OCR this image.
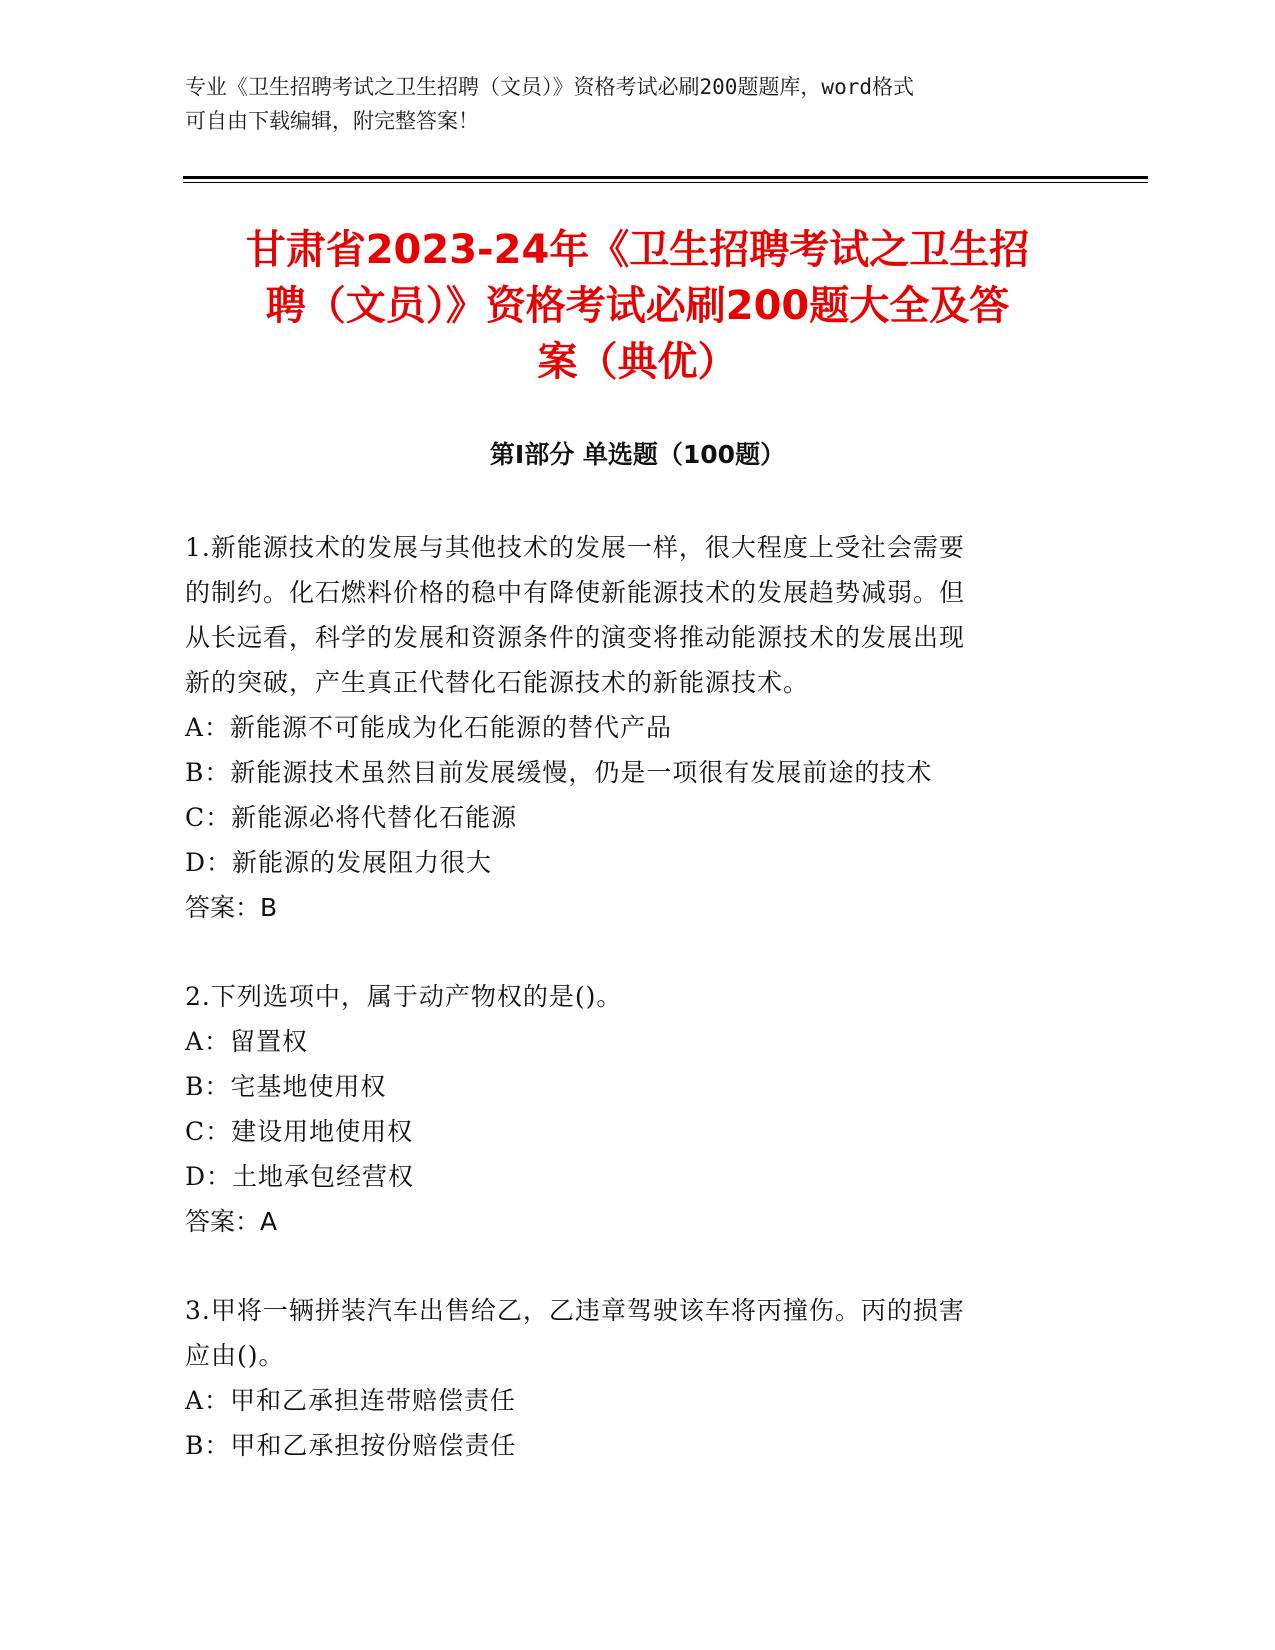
专业《卫生招聘考试之卫生招聘（文员）》资格考试必刷200题题库，word格式
可自由下载编辑，附完整答案！
甘肃省2023-24年《卫生招聘考试之卫生招
聘（文员）》资格考试必刷200题大全及答
案（典优）
第Ⅰ部分 单选题（100题）

1.新能源技术的发展与其他技术的发展一样，很大程度上受社会需要

的制约。化石燃料价格的稳中有降使新能源技术的发展趋势减弱。但

从长远看，科学的发展和资源条件的演变将推动能源技术的发展出现

新的突破，产生真正代替化石能源技术的新能源技术。

A：新能源不可能成为化石能源的替代产品

B：新能源技术虽然目前发展缓慢，仍是一项很有发展前途的技术

C：新能源必将代替化石能源

D：新能源的发展阻力很大

答案：B

2.下列选项中，属于动产物权的是()。

A：留置权

B：宅基地使用权

C：建设用地使用权

D：土地承包经营权

答案：A

3.甲将一辆拼装汽车出售给乙，乙违章驾驶该车将丙撞伤。丙的损害

应由()。

A：甲和乙承担连带赔偿责任

B：甲和乙承担按份赔偿责任
